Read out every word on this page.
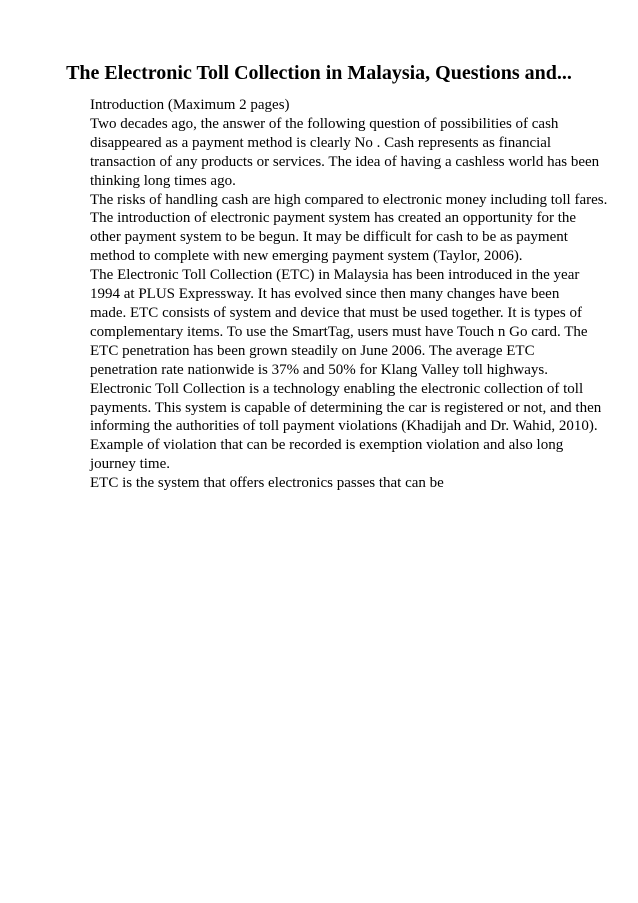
The Electronic Toll Collection in Malaysia, Questions and...
Introduction (Maximum 2 pages)
Two decades ago, the answer of the following question of possibilities of cash
disappeared as a payment method is clearly No . Cash represents as financial
transaction of any products or services. The idea of having a cashless world has been
thinking long times ago.
The risks of handling cash are high compared to electronic money including toll fares.
The introduction of electronic payment system has created an opportunity for the
other payment system to be begun. It may be difficult for cash to be as payment
method to complete with new emerging payment system (Taylor, 2006).
The Electronic Toll Collection (ETC) in Malaysia has been introduced in the year
1994 at PLUS Expressway. It has evolved since then many changes have been
made. ETC consists of system and device that must be used together. It is types of
complementary items. To use the SmartTag, users must have Touch n Go card. The
ETC penetration has been grown steadily on June 2006. The average ETC
penetration rate nationwide is 37% and 50% for Klang Valley toll highways.
Electronic Toll Collection is a technology enabling the electronic collection of toll
payments. This system is capable of determining the car is registered or not, and then
informing the authorities of toll payment violations (Khadijah and Dr. Wahid, 2010).
Example of violation that can be recorded is exemption violation and also long
journey time.
ETC is the system that offers electronics passes that can be
